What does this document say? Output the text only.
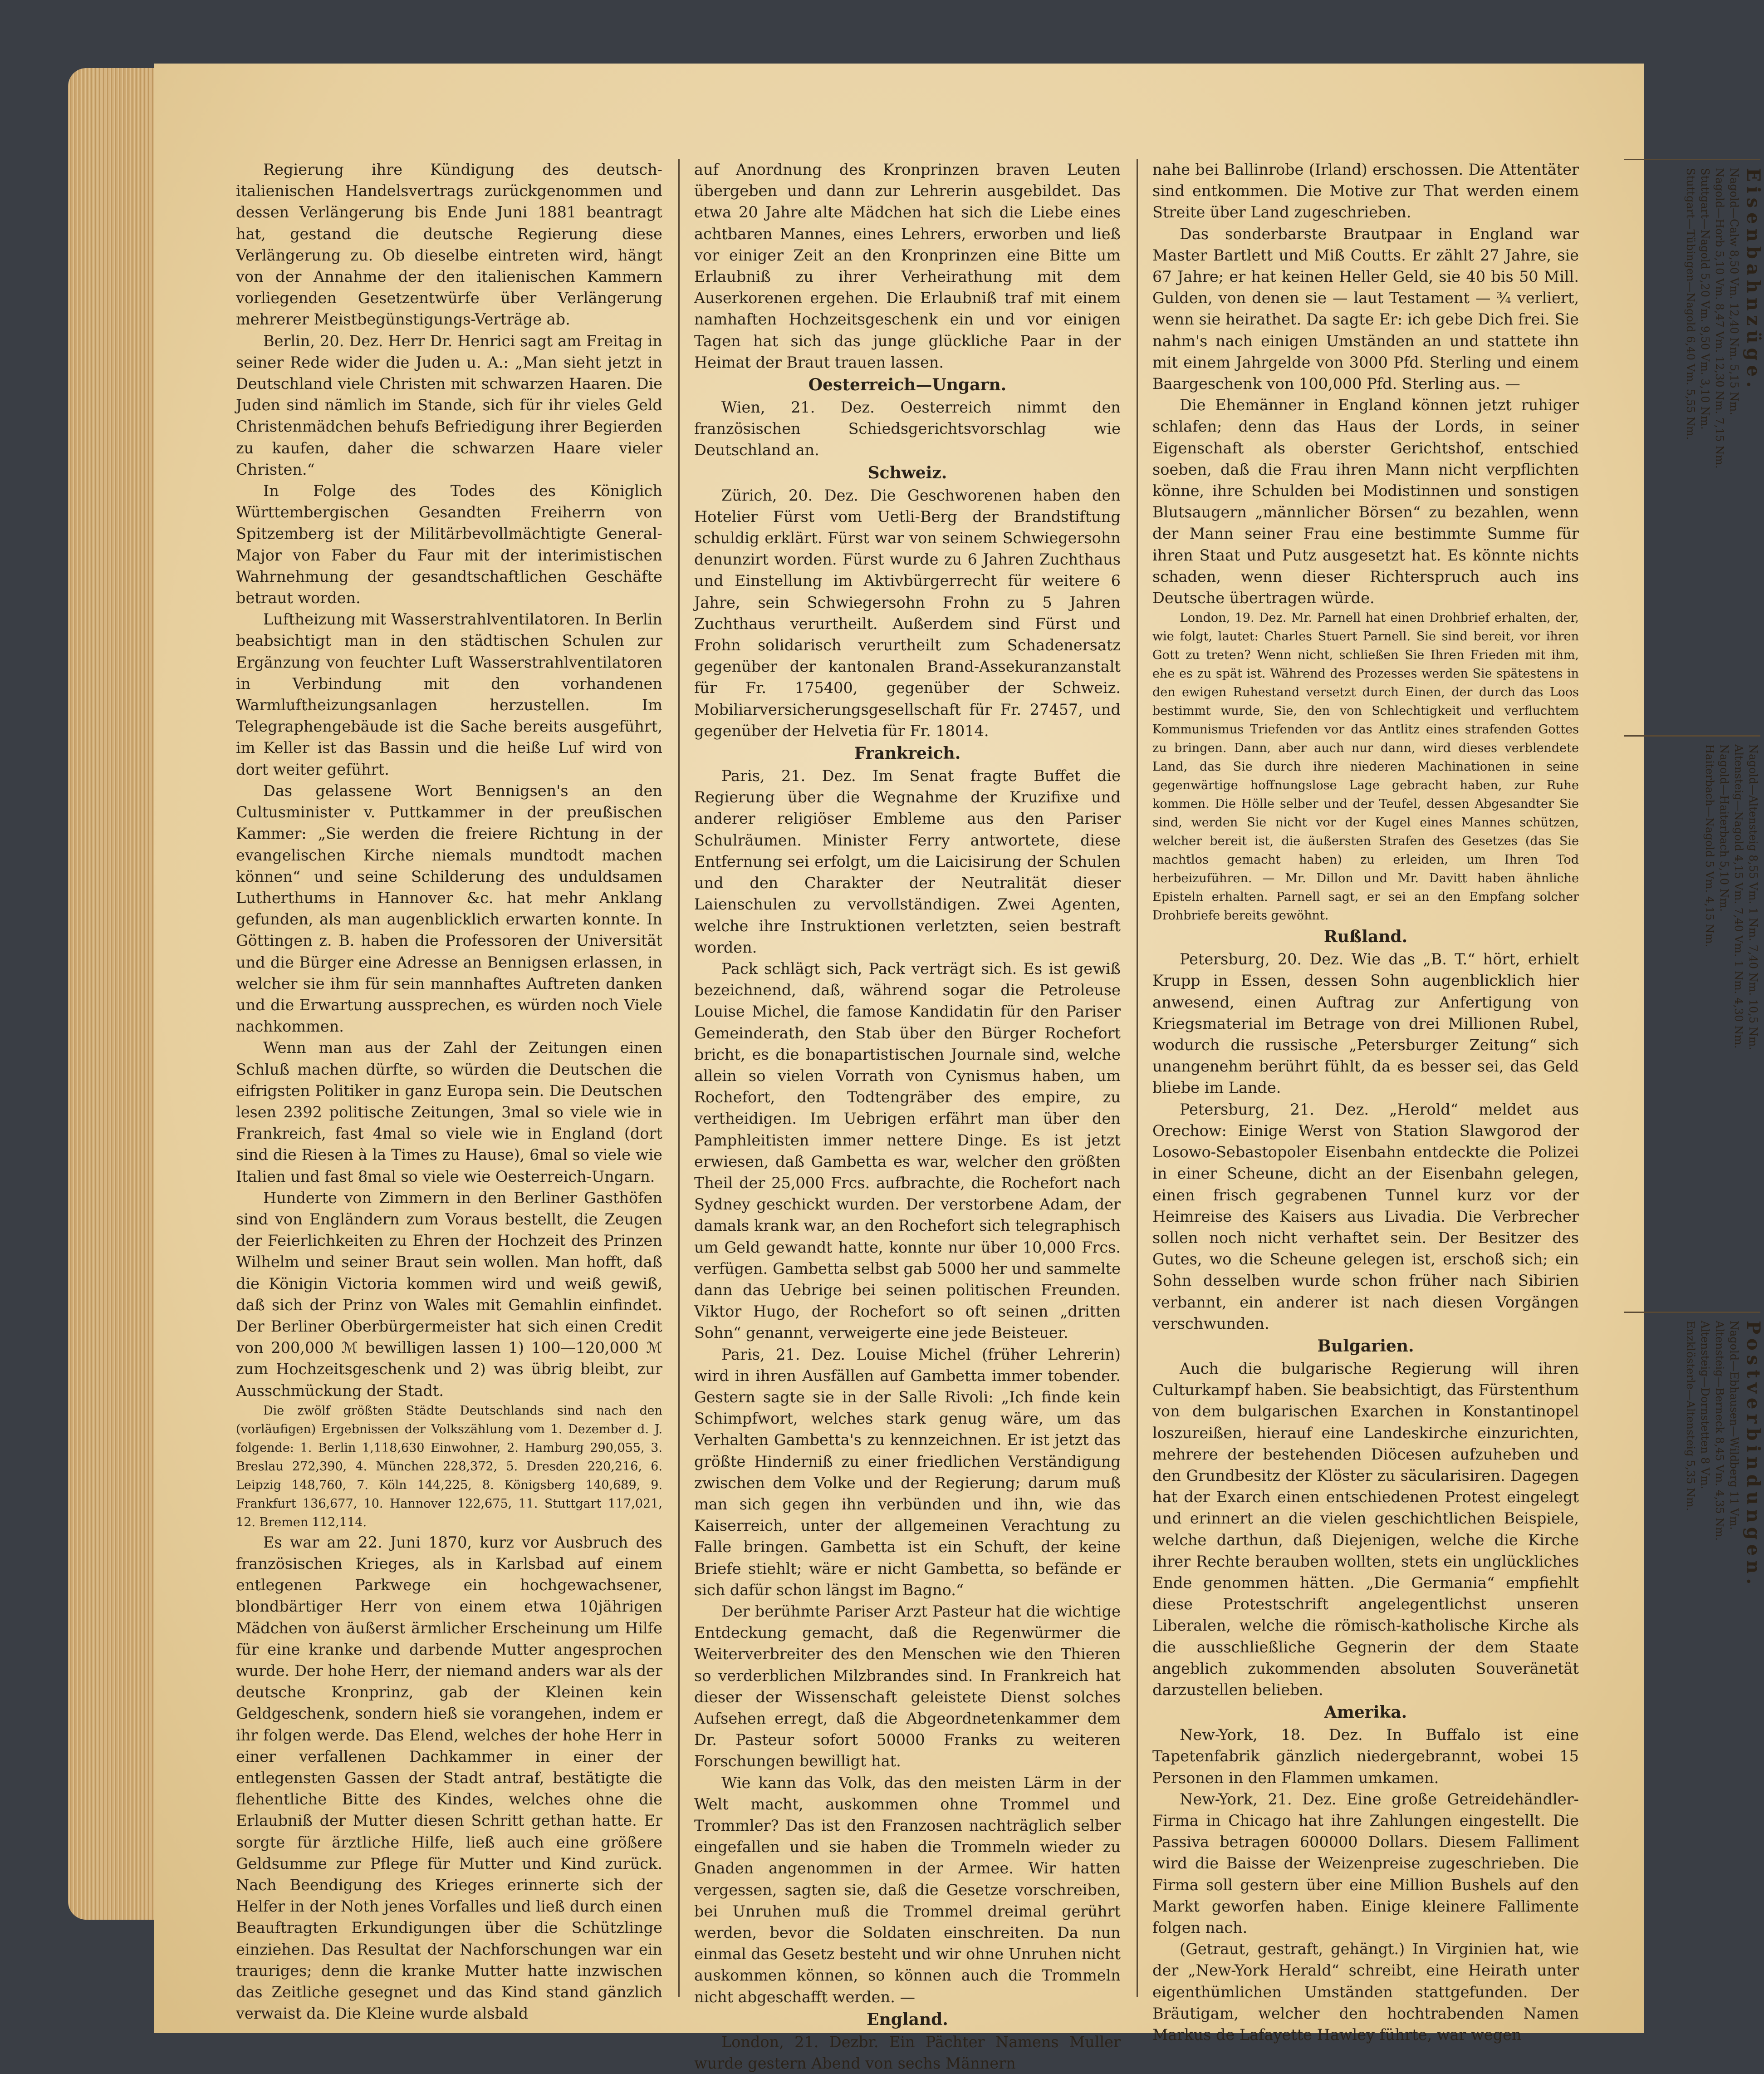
Regierung ihre Kündigung des deutsch-italienischen Handelsvertrags zurückgenommen und dessen Verlängerung bis Ende Juni 1881 beantragt hat, gestand die deutsche Regierung diese Verlängerung zu. Ob dieselbe eintreten wird, hängt von der Annahme der den italienischen Kammern vorliegenden Gesetzentwürfe über Verlängerung mehrerer Meistbegünstigungs-Verträge ab.

Berlin, 20. Dez. Herr Dr. Henrici sagt am Freitag in seiner Rede wider die Juden u. A.: „Man sieht jetzt in Deutschland viele Christen mit schwarzen Haaren. Die Juden sind nämlich im Stande, sich für ihr vieles Geld Christenmädchen behufs Befriedigung ihrer Begierden zu kaufen, daher die schwarzen Haare vieler Christen.“

In Folge des Todes des Königlich Württembergischen Gesandten Freiherrn von Spitzemberg ist der Militärbevollmächtigte General-Major von Faber du Faur mit der interimistischen Wahrnehmung der gesandtschaftlichen Geschäfte betraut worden.

Luftheizung mit Wasserstrahlventilatoren. In Berlin beabsichtigt man in den städtischen Schulen zur Ergänzung von feuchter Luft Wasserstrahlventilatoren in Verbindung mit den vorhandenen Warmluftheizungsanlagen herzustellen. Im Telegraphengebäude ist die Sache bereits ausgeführt, im Keller ist das Bassin und die heiße Luf wird von dort weiter geführt.

Das gelassene Wort Bennigsen's an den Cultusminister v. Puttkammer in der preußischen Kammer: „Sie werden die freiere Richtung in der evangelischen Kirche niemals mundtodt machen können“ und seine Schilderung des unduldsamen Lutherthums in Hannover &c. hat mehr Anklang gefunden, als man augenblicklich erwarten konnte. In Göttingen z. B. haben die Professoren der Universität und die Bürger eine Adresse an Bennigsen erlassen, in welcher sie ihm für sein mannhaftes Auftreten danken und die Erwartung aussprechen, es würden noch Viele nachkommen.

Wenn man aus der Zahl der Zeitungen einen Schluß machen dürfte, so würden die Deutschen die eifrigsten Politiker in ganz Europa sein. Die Deutschen lesen 2392 politische Zeitungen, 3mal so viele wie in Frankreich, fast 4mal so viele wie in England (dort sind die Riesen à la Times zu Hause), 6mal so viele wie Italien und fast 8mal so viele wie Oesterreich-Ungarn.

Hunderte von Zimmern in den Berliner Gasthöfen sind von Engländern zum Voraus bestellt, die Zeugen der Feierlichkeiten zu Ehren der Hochzeit des Prinzen Wilhelm und seiner Braut sein wollen. Man hofft, daß die Königin Victoria kommen wird und weiß gewiß, daß sich der Prinz von Wales mit Gemahlin einfindet. Der Berliner Oberbürgermeister hat sich einen Credit von 200,000 ℳ bewilligen lassen 1) 100—120,000 ℳ zum Hochzeitsgeschenk und 2) was übrig bleibt, zur Ausschmückung der Stadt.

Die zwölf größten Städte Deutschlands sind nach den (vorläufigen) Ergebnissen der Volkszählung vom 1. Dezember d. J. folgende: 1. Berlin 1,118,630 Einwohner, 2. Hamburg 290,055, 3. Breslau 272,390, 4. München 228,372, 5. Dresden 220,216, 6. Leipzig 148,760, 7. Köln 144,225, 8. Königsberg 140,689, 9. Frankfurt 136,677, 10. Hannover 122,675, 11. Stuttgart 117,021, 12. Bremen 112,114.

Es war am 22. Juni 1870, kurz vor Ausbruch des französischen Krieges, als in Karlsbad auf einem entlegenen Parkwege ein hochgewachsener, blondbärtiger Herr von einem etwa 10jährigen Mädchen von äußerst ärmlicher Erscheinung um Hilfe für eine kranke und darbende Mutter angesprochen wurde. Der hohe Herr, der niemand anders war als der deutsche Kronprinz, gab der Kleinen kein Geldgeschenk, sondern hieß sie vorangehen, indem er ihr folgen werde. Das Elend, welches der hohe Herr in einer verfallenen Dachkammer in einer der entlegensten Gassen der Stadt antraf, bestätigte die flehentliche Bitte des Kindes, welches ohne die Erlaubniß der Mutter diesen Schritt gethan hatte. Er sorgte für ärztliche Hilfe, ließ auch eine größere Geldsumme zur Pflege für Mutter und Kind zurück. Nach Beendigung des Krieges erinnerte sich der Helfer in der Noth jenes Vorfalles und ließ durch einen Beauftragten Erkundigungen über die Schützlinge einziehen. Das Resultat der Nachforschungen war ein trauriges; denn die kranke Mutter hatte inzwischen das Zeitliche gesegnet und das Kind stand gänzlich verwaist da. Die Kleine wurde alsbald

auf Anordnung des Kronprinzen braven Leuten übergeben und dann zur Lehrerin ausgebildet. Das etwa 20 Jahre alte Mädchen hat sich die Liebe eines achtbaren Mannes, eines Lehrers, erworben und ließ vor einiger Zeit an den Kronprinzen eine Bitte um Erlaubniß zu ihrer Verheirathung mit dem Auserkorenen ergehen. Die Erlaubniß traf mit einem namhaften Hochzeitsgeschenk ein und vor einigen Tagen hat sich das junge glückliche Paar in der Heimat der Braut trauen lassen.

Oesterreich—Ungarn.

Wien, 21. Dez. Oesterreich nimmt den französischen Schiedsgerichtsvorschlag wie Deutschland an.

Schweiz.

Zürich, 20. Dez. Die Geschworenen haben den Hotelier Fürst vom Uetli-Berg der Brandstiftung schuldig erklärt. Fürst war von seinem Schwiegersohn denunzirt worden. Fürst wurde zu 6 Jahren Zuchthaus und Einstellung im Aktivbürgerrecht für weitere 6 Jahre, sein Schwiegersohn Frohn zu 5 Jahren Zuchthaus verurtheilt. Außerdem sind Fürst und Frohn solidarisch verurtheilt zum Schadenersatz gegenüber der kantonalen Brand-Assekuranzanstalt für Fr. 175400, gegenüber der Schweiz. Mobiliarversicherungsgesellschaft für Fr. 27457, und gegenüber der Helvetia für Fr. 18014.

Frankreich.

Paris, 21. Dez. Im Senat fragte Buffet die Regierung über die Wegnahme der Kruzifixe und anderer religiöser Embleme aus den Pariser Schulräumen. Minister Ferry antwortete, diese Entfernung sei erfolgt, um die Laicisirung der Schulen und den Charakter der Neutralität dieser Laienschulen zu vervollständigen. Zwei Agenten, welche ihre Instruktionen verletzten, seien bestraft worden.

Pack schlägt sich, Pack verträgt sich. Es ist gewiß bezeichnend, daß, während sogar die Petroleuse Louise Michel, die famose Kandidatin für den Pariser Gemeinderath, den Stab über den Bürger Rochefort bricht, es die bonapartistischen Journale sind, welche allein so vielen Vorrath von Cynismus haben, um Rochefort, den Todtengräber des empire, zu vertheidigen. Im Uebrigen erfährt man über den Pamphleitisten immer nettere Dinge. Es ist jetzt erwiesen, daß Gambetta es war, welcher den größten Theil der 25,000 Frcs. aufbrachte, die Rochefort nach Sydney geschickt wurden. Der verstorbene Adam, der damals krank war, an den Rochefort sich telegraphisch um Geld gewandt hatte, konnte nur über 10,000 Frcs. verfügen. Gambetta selbst gab 5000 her und sammelte dann das Uebrige bei seinen politischen Freunden. Viktor Hugo, der Rochefort so oft seinen „dritten Sohn“ genannt, verweigerte eine jede Beisteuer.

Paris, 21. Dez. Louise Michel (früher Lehrerin) wird in ihren Ausfällen auf Gambetta immer tobender. Gestern sagte sie in der Salle Rivoli: „Ich finde kein Schimpfwort, welches stark genug wäre, um das Verhalten Gambetta's zu kennzeichnen. Er ist jetzt das größte Hinderniß zu einer friedlichen Verständigung zwischen dem Volke und der Regierung; darum muß man sich gegen ihn verbünden und ihn, wie das Kaiserreich, unter der allgemeinen Verachtung zu Falle bringen. Gambetta ist ein Schuft, der keine Briefe stiehlt; wäre er nicht Gambetta, so befände er sich dafür schon längst im Bagno.“

Der berühmte Pariser Arzt Pasteur hat die wichtige Entdeckung gemacht, daß die Regenwürmer die Weiterverbreiter des den Menschen wie den Thieren so verderblichen Milzbrandes sind. In Frankreich hat dieser der Wissenschaft geleistete Dienst solches Aufsehen erregt, daß die Abgeordnetenkammer dem Dr. Pasteur sofort 50000 Franks zu weiteren Forschungen bewilligt hat.

Wie kann das Volk, das den meisten Lärm in der Welt macht, auskommen ohne Trommel und Trommler? Das ist den Franzosen nachträglich selber eingefallen und sie haben die Trommeln wieder zu Gnaden angenommen in der Armee. Wir hatten vergessen, sagten sie, daß die Gesetze vorschreiben, bei Unruhen muß die Trommel dreimal gerührt werden, bevor die Soldaten einschreiten. Da nun einmal das Gesetz besteht und wir ohne Unruhen nicht auskommen können, so können auch die Trommeln nicht abgeschafft werden. —

England.

London, 21. Dezbr. Ein Pächter Namens Muller wurde gestern Abend von sechs Männern

nahe bei Ballinrobe (Irland) erschossen. Die Attentäter sind entkommen. Die Motive zur That werden einem Streite über Land zugeschrieben.

Das sonderbarste Brautpaar in England war Master Bartlett und Miß Coutts. Er zählt 27 Jahre, sie 67 Jahre; er hat keinen Heller Geld, sie 40 bis 50 Mill. Gulden, von denen sie — laut Testament — ¾ verliert, wenn sie heirathet. Da sagte Er: ich gebe Dich frei. Sie nahm's nach einigen Umständen an und stattete ihn mit einem Jahrgelde von 3000 Pfd. Sterling und einem Baargeschenk von 100,000 Pfd. Sterling aus. —

Die Ehemänner in England können jetzt ruhiger schlafen; denn das Haus der Lords, in seiner Eigenschaft als oberster Gerichtshof, entschied soeben, daß die Frau ihren Mann nicht verpflichten könne, ihre Schulden bei Modistinnen und sonstigen Blutsaugern „männlicher Börsen“ zu bezahlen, wenn der Mann seiner Frau eine bestimmte Summe für ihren Staat und Putz ausgesetzt hat. Es könnte nichts schaden, wenn dieser Richterspruch auch ins Deutsche übertragen würde.

London, 19. Dez. Mr. Parnell hat einen Drohbrief erhalten, der, wie folgt, lautet: Charles Stuert Parnell. Sie sind bereit, vor ihren Gott zu treten? Wenn nicht, schließen Sie Ihren Frieden mit ihm, ehe es zu spät ist. Während des Prozesses werden Sie spätestens in den ewigen Ruhestand versetzt durch Einen, der durch das Loos bestimmt wurde, Sie, den von Schlechtigkeit und verfluchtem Kommunismus Triefenden vor das Antlitz eines strafenden Gottes zu bringen. Dann, aber auch nur dann, wird dieses verblendete Land, das Sie durch ihre niederen Machinationen in seine gegenwärtige hoffnungslose Lage gebracht haben, zur Ruhe kommen. Die Hölle selber und der Teufel, dessen Abgesandter Sie sind, werden Sie nicht vor der Kugel eines Mannes schützen, welcher bereit ist, die äußersten Strafen des Gesetzes (das Sie machtlos gemacht haben) zu erleiden, um Ihren Tod herbeizuführen. — Mr. Dillon und Mr. Davitt haben ähnliche Episteln erhalten. Parnell sagt, er sei an den Empfang solcher Drohbriefe bereits gewöhnt.

Rußland.

Petersburg, 20. Dez. Wie das „B. T.“ hört, erhielt Krupp in Essen, dessen Sohn augenblicklich hier anwesend, einen Auftrag zur Anfertigung von Kriegsmaterial im Betrage von drei Millionen Rubel, wodurch die russische „Petersburger Zeitung“ sich unangenehm berührt fühlt, da es besser sei, das Geld bliebe im Lande.

Petersburg, 21. Dez. „Herold“ meldet aus Orechow: Einige Werst von Station Slawgorod der Losowo-Sebastopoler Eisenbahn entdeckte die Polizei in einer Scheune, dicht an der Eisenbahn gelegen, einen frisch gegrabenen Tunnel kurz vor der Heimreise des Kaisers aus Livadia. Die Verbrecher sollen noch nicht verhaftet sein. Der Besitzer des Gutes, wo die Scheune gelegen ist, erschoß sich; ein Sohn desselben wurde schon früher nach Sibirien verbannt, ein anderer ist nach diesen Vorgängen verschwunden.

Bulgarien.

Auch die bulgarische Regierung will ihren Culturkampf haben. Sie beabsichtigt, das Fürstenthum von dem bulgarischen Exarchen in Konstantinopel loszureißen, hierauf eine Landeskirche einzurichten, mehrere der bestehenden Diöcesen aufzuheben und den Grundbesitz der Klöster zu säcularisiren. Dagegen hat der Exarch einen entschiedenen Protest eingelegt und erinnert an die vielen geschichtlichen Beispiele, welche darthun, daß Diejenigen, welche die Kirche ihrer Rechte berauben wollten, stets ein unglückliches Ende genommen hätten. „Die Germania“ empfiehlt diese Protestschrift angelegentlichst unseren Liberalen, welche die römisch-katholische Kirche als die ausschließliche Gegnerin der dem Staate angeblich zukommenden absoluten Souveränetät darzustellen belieben.

Amerika.

New-York, 18. Dez. In Buffalo ist eine Tapetenfabrik gänzlich niedergebrannt, wobei 15 Personen in den Flammen umkamen.

New-York, 21. Dez. Eine große Getreidehändler-Firma in Chicago hat ihre Zahlungen eingestellt. Die Passiva betragen 600000 Dollars. Diesem Falliment wird die Baisse der Weizenpreise zugeschrieben. Die Firma soll gestern über eine Million Bushels auf den Markt geworfen haben. Einige kleinere Fallimente folgen nach.

(Getraut, gestraft, gehängt.) In Virginien hat, wie der „New-York Herald“ schreibt, eine Heirath unter eigenthümlichen Umständen stattgefunden. Der Bräutigam, welcher den hochtrabenden Namen Markus de Lafayette Hawley führte, war wegen

Eisenbahnzüge.
Nagold—Calw 8,50 Vm. 12,40 Nm. 5,15 Nm.
Nagold—Horb 5,10 Vm. 8,47 Vm. 12,30 Nm. 7,15 Nm.
Stuttgart—Nagold 5,20 Vm. 9,50 Vm. 3,10 Nm.
Stuttgart—Tübingen—Nagold 6,40 Vm. 5,55 Nm.
Nagold—Altensteig 8,55 Vm. 1 Nm. 7,40 Nm. 10,5 Nm.
Altensteig—Nagold 4,15 Vm. 7,40 Vm. 1 Nm. 4,30 Nm.
Nagold—Haiterbach 5,10 Nm.
Haiterbach—Nagold 5 Vm. 4,15 Nm.
Postverbindungen.
Nagold—Ebhausen—Wildberg 11 Vm.
Altensteig—Berneck 8,45 Vm. 4,35 Nm.
Altensteig—Dornstetten 8 Vm.
Enzklösterle—Altensteig 5,35 Nm.
